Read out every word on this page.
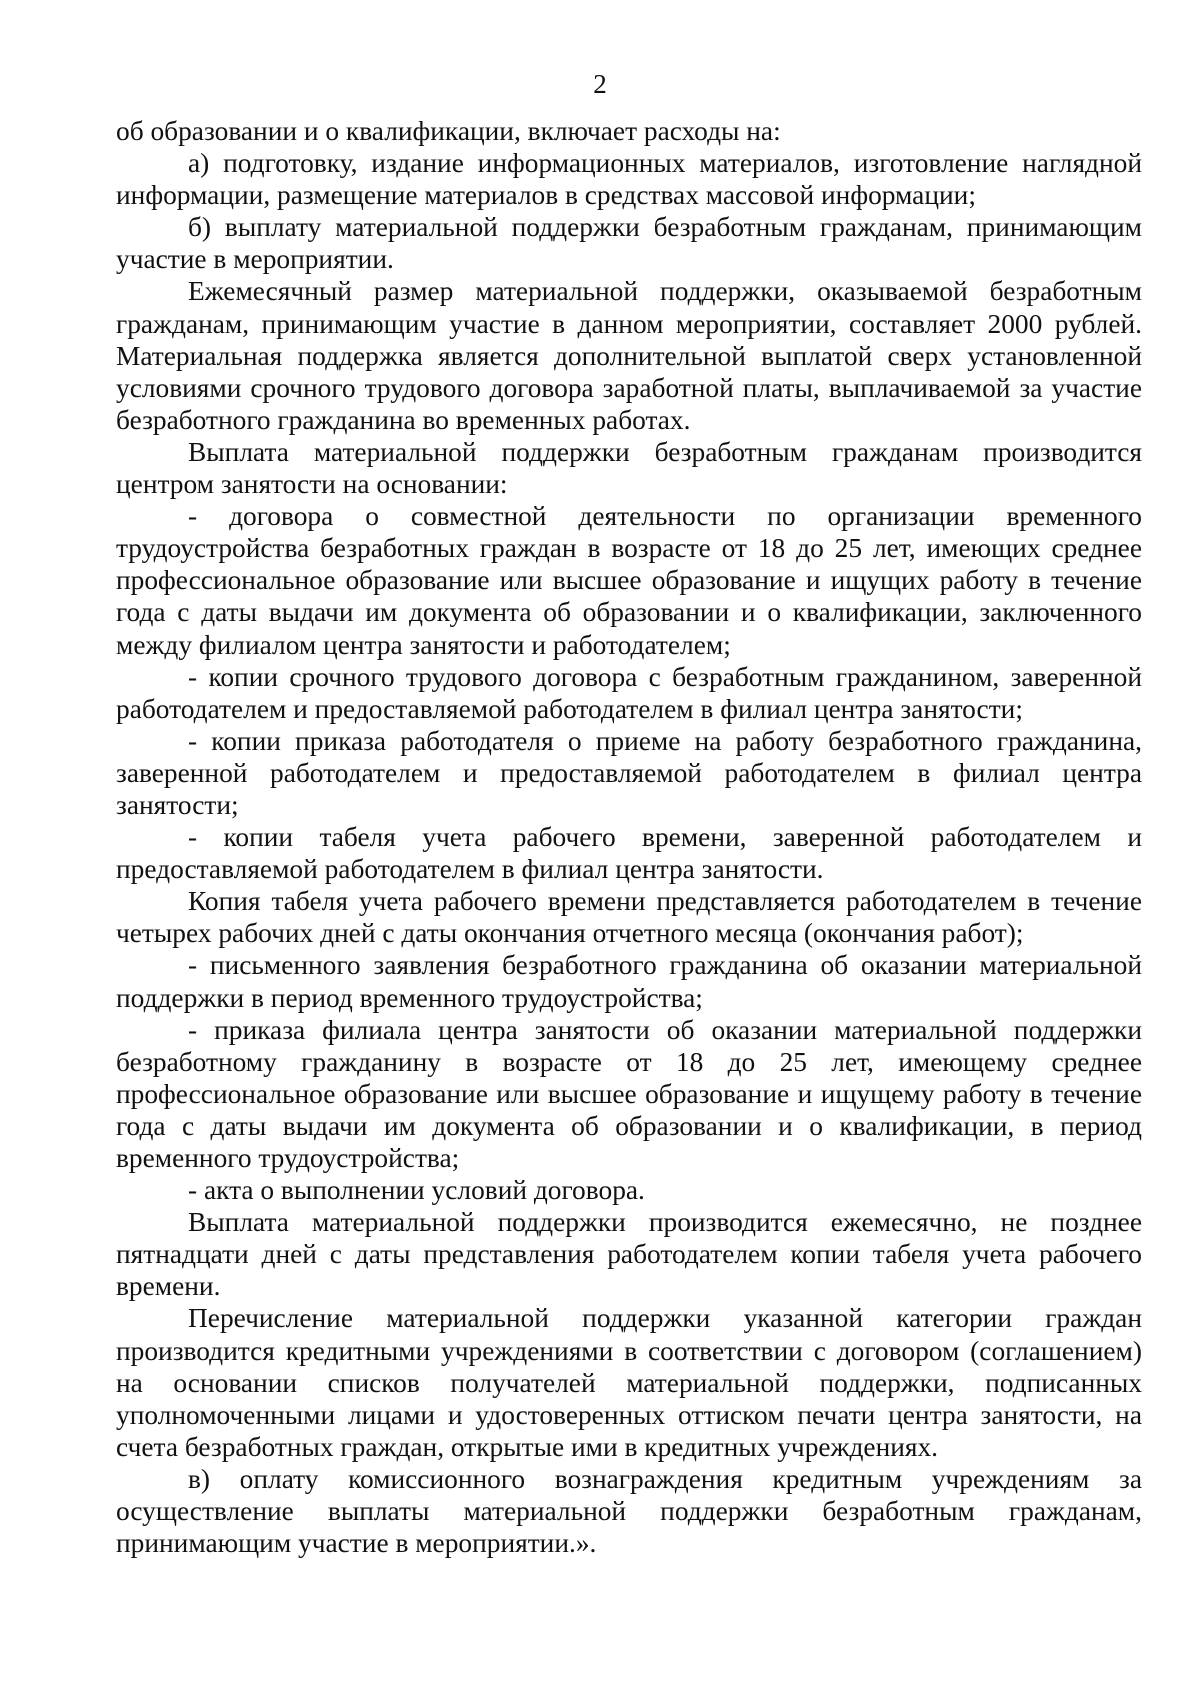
2

об образовании и о квалификации, включает расходы на:

а) подготовку, издание информационных материалов, изготовление наглядной информации, размещение материалов в средствах массовой информации;

б) выплату материальной поддержки безработным гражданам, принимающим участие в мероприятии.

Ежемесячный размер материальной поддержки, оказываемой безработным гражданам, принимающим участие в данном мероприятии, составляет 2000 рублей. Материальная поддержка является дополнительной выплатой сверх установленной условиями срочного трудового договора заработной платы, выплачиваемой за участие безработного гражданина во временных работах.

Выплата материальной поддержки безработным гражданам производится центром занятости на основании:

- договора о совместной деятельности по организации временного трудоустройства безработных граждан в возрасте от 18 до 25 лет, имеющих среднее профессиональное образование или высшее образование и ищущих работу в течение года с даты выдачи им документа об образовании и о квалификации, заключенного между филиалом центра занятости и работодателем;

- копии срочного трудового договора с безработным гражданином, заверенной работодателем и предоставляемой работодателем в филиал центра занятости;

- копии приказа работодателя о приеме на работу безработного гражданина, заверенной работодателем и предоставляемой работодателем в филиал центра занятости;

- копии табеля учета рабочего времени, заверенной работодателем и предоставляемой работодателем в филиал центра занятости.

Копия табеля учета рабочего времени представляется работодателем в течение четырех рабочих дней с даты окончания отчетного месяца (окончания работ);

- письменного заявления безработного гражданина об оказании материальной поддержки в период временного трудоустройства;

- приказа филиала центра занятости об оказании материальной поддержки безработному гражданину в возрасте от 18 до 25 лет, имеющему среднее профессиональное образование или высшее образование и ищущему работу в течение года с даты выдачи им документа об образовании и о квалификации, в период временного трудоустройства;

- акта о выполнении условий договора.

Выплата материальной поддержки производится ежемесячно, не позднее пятнадцати дней с даты представления работодателем копии табеля учета рабочего времени.

Перечисление материальной поддержки указанной категории граждан производится кредитными учреждениями в соответствии с договором (соглашением) на основании списков получателей материальной поддержки, подписанных уполномоченными лицами и удостоверенных оттиском печати центра занятости, на счета безработных граждан, открытые ими в кредитных учреждениях.

в) оплату комиссионного вознаграждения кредитным учреждениям за осуществление выплаты материальной поддержки безработным гражданам, принимающим участие в мероприятии.».
